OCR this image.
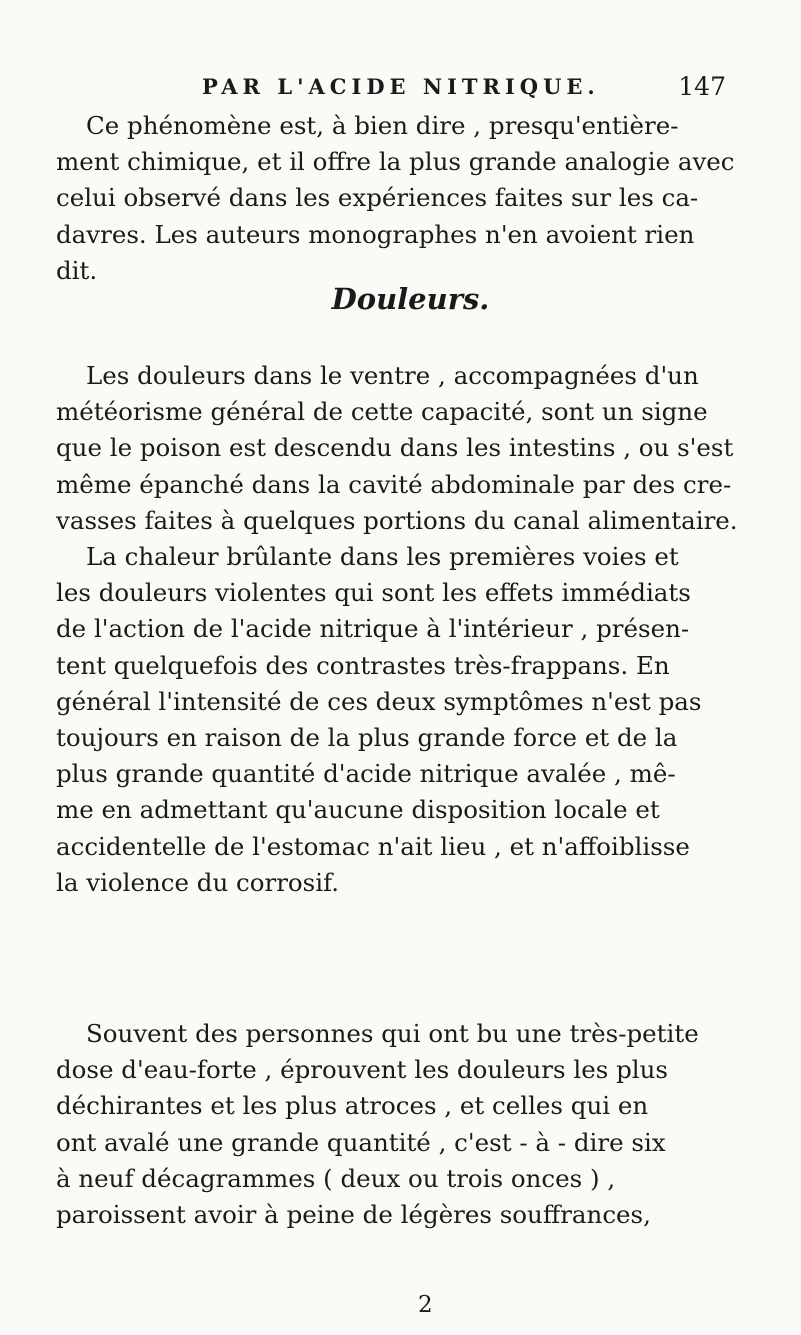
PAR L'ACIDE NITRIQUE.	147
Ce phénomène est, à bien dire , presqu'entière-
ment chimique, et il offre la plus grande analogie avec
celui observé dans les expériences faites sur les ca-
davres. Les auteurs monographes n'en avoient rien
dit.
Douleurs.
Les douleurs dans le ventre , accompagnées d'un
météorisme général de cette capacité, sont un signe
que le poison est descendu dans les intestins , ou s'est
même épanché dans la cavité abdominale par des cre-
vasses faites à quelques portions du canal alimentaire.
La chaleur brûlante dans les premières voies et
les douleurs violentes qui sont les effets immédiats
de l'action de l'acide nitrique à l'intérieur , présen-
tent quelquefois des contrastes très-frappans. En
général l'intensité de ces deux symptômes n'est pas
toujours en raison de la plus grande force et de la
plus grande quantité d'acide nitrique avalée , mê-
me en admettant qu'aucune disposition locale et
accidentelle de l'estomac n'ait lieu , et n'affoiblisse
la violence du corrosif.
Souvent des personnes qui ont bu une très-petite
dose d'eau-forte , éprouvent les douleurs les plus
déchirantes et les plus atroces , et celles qui en
ont avalé une grande quantité , c'est - à - dire six
à neuf décagrammes ( deux ou trois onces ) ,
paroissent avoir à peine de légères souffrances,
2
